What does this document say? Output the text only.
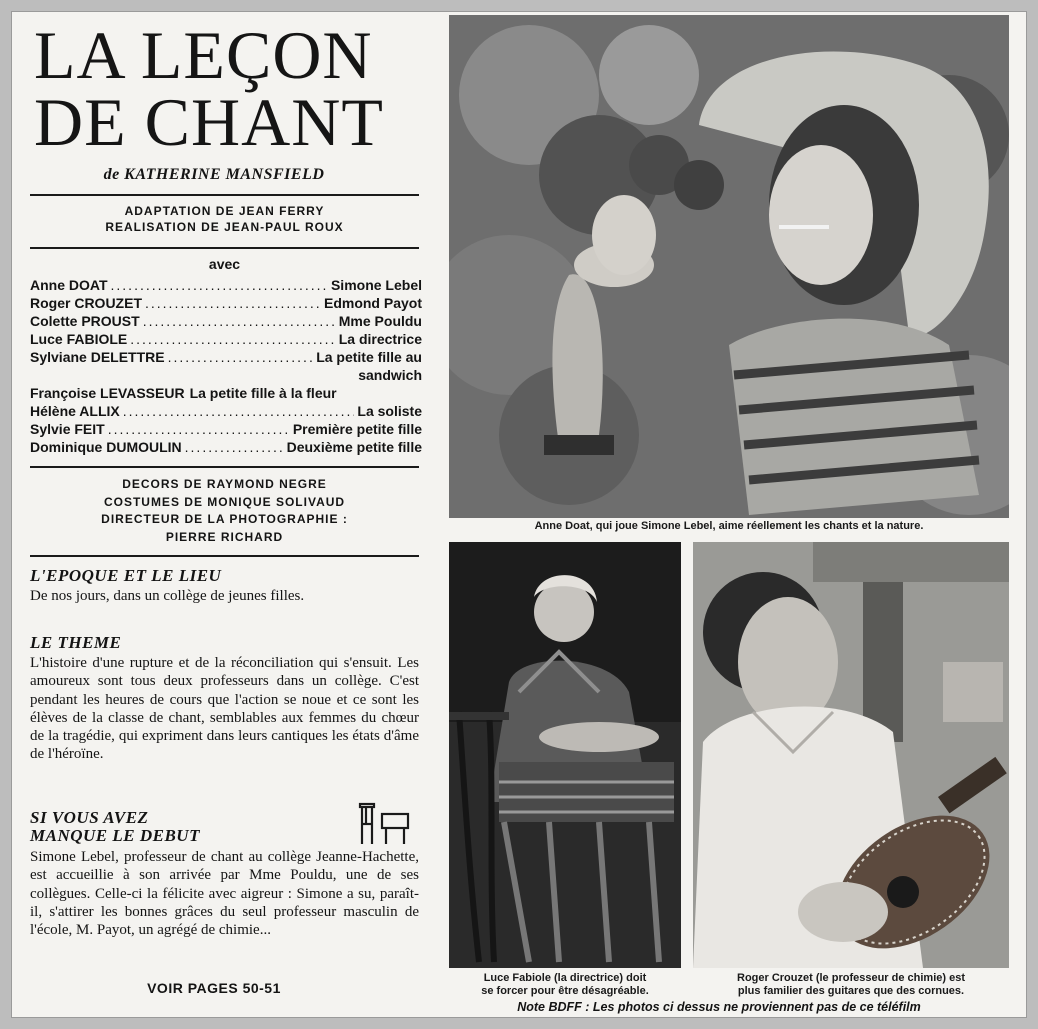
LA LEÇON
DE CHANT
de KATHERINE MANSFIELD
ADAPTATION DE JEAN FERRY
REALISATION DE JEAN-PAUL ROUX
avec
Anne DOAT .....	Simone Lebel
Roger CROUZET .....	Edmond Payot
Colette PROUST .....	Mme Pouldu
Luce FABIOLE .....	La directrice
Sylviane DELETTRE .....	La petite fille au
sandwich
Françoise LEVASSEUR La petite fille à la fleur
Hélène ALLIX .....	La soliste
Sylvie FEIT .....	Première petite fille
Dominique DUMOULIN .....	Deuxième petite fille
DECORS DE RAYMOND NEGRE
COSTUMES DE MONIQUE SOLIVAUD
DIRECTEUR DE LA PHOTOGRAPHIE :
PIERRE RICHARD
L'EPOQUE ET LE LIEU

De nos jours, dans un collège de jeunes filles.

LE THEME

L'histoire d'une rupture et de la réconciliation qui s'ensuit. Les amoureux sont tous deux professeurs dans un collège. C'est pendant les heures de cours que l'action se noue et ce sont les élèves de la classe de chant, semblables aux femmes du chœur de la tragédie, qui expriment dans leurs cantiques les états d'âme de l'héroïne.

SI VOUS AVEZ
MANQUE LE DEBUT

Simone Lebel, professeur de chant au collège Jeanne-Hachette, est accueillie à son arrivée par Mme Pouldu, une de ses collègues. Celle-ci la félicite avec aigreur : Simone a su, paraît-il, s'attirer les bonnes grâces du seul professeur masculin de l'école, M. Payot, un agrégé de chimie...

VOIR PAGES 50-51

Anne Doat, qui joue Simone Lebel, aime réellement les chants et la nature.

Luce Fabiole (la directrice) doit
se forcer pour être désagréable.
Roger Crouzet (le professeur de chimie) est
plus familier des guitares que des cornues.

Note BDFF : Les photos ci dessus ne proviennent pas de ce téléfilm
